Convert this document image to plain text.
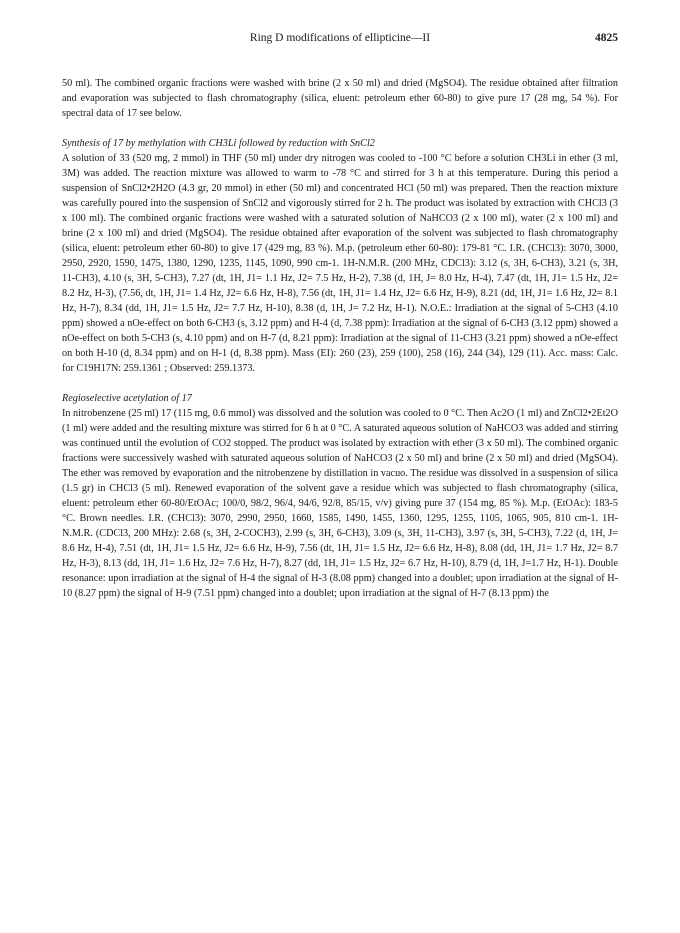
Ring D modifications of ellipticine—II	4825

50 ml). The combined organic fractions were washed with brine (2 x 50 ml) and dried (MgSO4). The residue obtained after filtration and evaporation was subjected to flash chromatography (silica, eluent: petroleum ether 60-80) to give pure 17 (28 mg, 54 %). For spectral data of 17 see below.

Synthesis of 17 by methylation with CH3Li followed by reduction with SnCl2

A solution of 33 (520 mg, 2 mmol) in THF (50 ml) under dry nitrogen was cooled to -100 °C before a solution CH3Li in ether (3 ml, 3M) was added. The reaction mixture was allowed to warm to -78 °C and stirred for 3 h at this temperature. During this period a suspension of SnCl2•2H2O (4.3 gr, 20 mmol) in ether (50 ml) and concentrated HCl (50 ml) was prepared. Then the reaction mixture was carefully poured into the suspension of SnCl2 and vigorously stirred for 2 h. The product was isolated by extraction with CHCl3 (3 x 100 ml). The combined organic fractions were washed with a saturated solution of NaHCO3 (2 x 100 ml), water (2 x 100 ml) and brine (2 x 100 ml) and dried (MgSO4). The residue obtained after evaporation of the solvent was subjected to flash chromatography (silica, eluent: petroleum ether 60-80) to give 17 (429 mg, 83 %). M.p. (petroleum ether 60-80): 179-81 °C. I.R. (CHCl3): 3070, 3000, 2950, 2920, 1590, 1475, 1380, 1290, 1235, 1145, 1090, 990 cm-1. 1H-N.M.R. (200 MHz, CDCl3): 3.12 (s, 3H, 6-CH3), 3.21 (s, 3H, 11-CH3), 4.10 (s, 3H, 5-CH3), 7.27 (dt, 1H, J1= 1.1 Hz, J2= 7.5 Hz, H-2), 7.38 (d, 1H, J= 8.0 Hz, H-4), 7.47 (dt, 1H, J1= 1.5 Hz, J2= 8.2 Hz, H-3), (7.56, dt, 1H, J1= 1.4 Hz, J2= 6.6 Hz, H-8), 7.56 (dt, 1H, J1= 1.4 Hz, J2= 6.6 Hz, H-9), 8.21 (dd, 1H, J1= 1.6 Hz, J2= 8.1 Hz, H-7), 8.34 (dd, 1H, J1= 1.5 Hz, J2= 7.7 Hz, H-10), 8.38 (d, 1H, J= 7.2 Hz, H-1). N.O.E.: Irradiation at the signal of 5-CH3 (4.10 ppm) showed a nOe-effect on both 6-CH3 (s, 3.12 ppm) and H-4 (d, 7.38 ppm): Irradiation at the signal of 6-CH3 (3.12 ppm) showed a nOe-effect on both 5-CH3 (s, 4.10 ppm) and on H-7 (d, 8.21 ppm): Irradiation at the signal of 11-CH3 (3.21 ppm) showed a nOe-effect on both H-10 (d, 8.34 ppm) and on H-1 (d, 8.38 ppm). Mass (EI): 260 (23), 259 (100), 258 (16), 244 (34), 129 (11). Acc. mass: Calc. for C19H17N: 259.1361 ; Observed: 259.1373.

Regioselective acetylation of 17

In nitrobenzene (25 ml) 17 (115 mg, 0.6 mmol) was dissolved and the solution was cooled to 0 °C. Then Ac2O (1 ml) and ZnCl2•2Et2O (1 ml) were added and the resulting mixture was stirred for 6 h at 0 °C. A saturated aqueous solution of NaHCO3 was added and stirring was continued until the evolution of CO2 stopped. The product was isolated by extraction with ether (3 x 50 ml). The combined organic fractions were successively washed with saturated aqueous solution of NaHCO3 (2 x 50 ml) and brine (2 x 50 ml) and dried (MgSO4). The ether was removed by evaporation and the nitrobenzene by distillation in vacuo. The residue was dissolved in a suspension of silica (1.5 gr) in CHCl3 (5 ml). Renewed evaporation of the solvent gave a residue which was subjected to flash chromatography (silica, eluent: petroleum ether 60-80/EtOAc; 100/0, 98/2, 96/4, 94/6, 92/8, 85/15, v/v) giving pure 37 (154 mg, 85 %). M.p. (EtOAc): 183-5 °C. Brown needles. I.R. (CHCl3): 3070, 2990, 2950, 1660, 1585, 1490, 1455, 1360, 1295, 1255, 1105, 1065, 905, 810 cm-1. 1H-N.M.R. (CDCl3, 200 MHz): 2.68 (s, 3H, 2-COCH3), 2.99 (s, 3H, 6-CH3), 3.09 (s, 3H, 11-CH3), 3.97 (s, 3H, 5-CH3), 7.22 (d, 1H, J= 8.6 Hz, H-4), 7.51 (dt, 1H, J1= 1.5 Hz, J2= 6.6 Hz, H-9), 7.56 (dt, 1H, J1= 1.5 Hz, J2= 6.6 Hz, H-8), 8.08 (dd, 1H, J1= 1.7 Hz, J2= 8.7 Hz, H-3), 8.13 (dd, 1H, J1= 1.6 Hz, J2= 7.6 Hz, H-7), 8.27 (dd, 1H, J1= 1.5 Hz, J2= 6.7 Hz, H-10), 8.79 (d, 1H, J=1.7 Hz, H-1). Double resonance: upon irradiation at the signal of H-4 the signal of H-3 (8.08 ppm) changed into a doublet; upon irradiation at the signal of H-10 (8.27 ppm) the signal of H-9 (7.51 ppm) changed into a doublet; upon irradiation at the signal of H-7 (8.13 ppm) the
